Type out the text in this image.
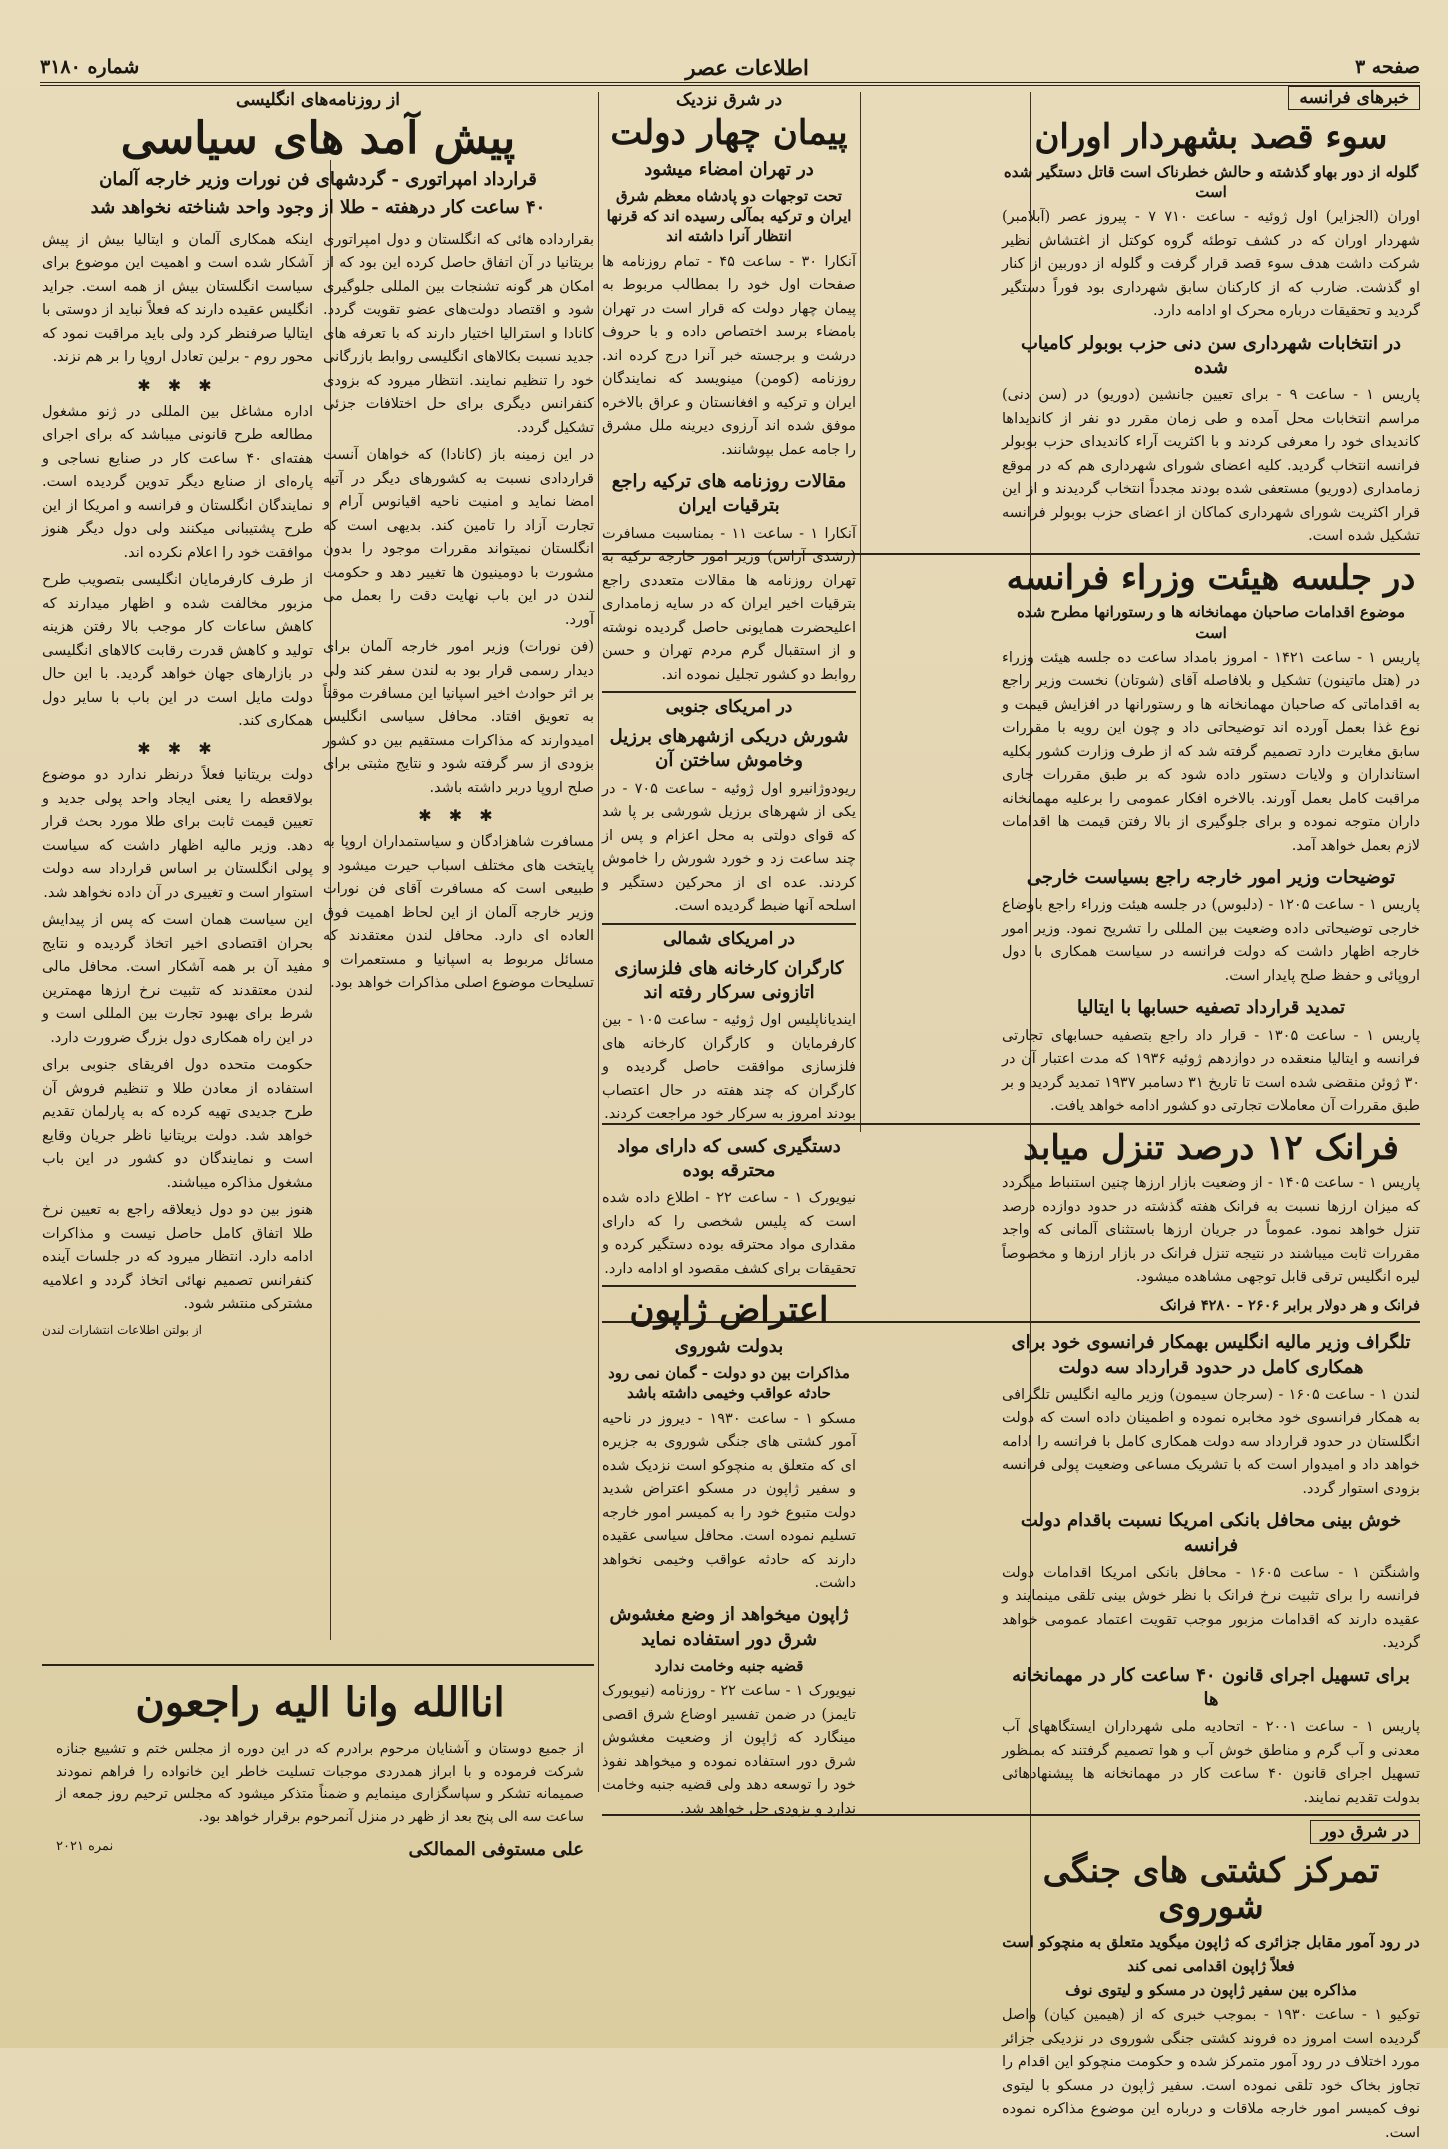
صفحه ۳
اطلاعات عصر
شماره ۳۱۸۰
خبرهای فرانسه
سوء قصد بشهردار اوران
گلوله از دور بهاو گذشته و حالش خطرناک است قاتل دستگیر شده است
اوران (الجزایر) اول ژوئیه - ساعت ۷۱۰ ۷ - پیروز عصر (آبلامبر) شهردار اوران که در کشف توطئه گروه کوکتل از اغتشاش نظیر شرکت داشت هدف سوء قصد قرار گرفت و گلوله از دوربین از کنار او گذشت. ضارب که از کارکنان سابق شهرداری بود فوراً دستگیر گردید و تحقیقات درباره محرک او ادامه دارد.
در انتخابات شهرداری سن دنی حزب بوبولر کامیاب شده
پاریس ۱ - ساعت ۹ - برای تعیین جانشین (دوریو) در (سن دنی) مراسم انتخابات محل آمده و طی زمان مقرر دو نفر از کاندیداها کاندیدای خود را معرفی کردند و با اکثریت آراء کاندیدای حزب بوبولر فرانسه انتخاب گردید. کلیه اعضای شورای شهرداری هم که در موقع زمامداری (دوریو) مستعفی شده بودند مجدداً انتخاب گردیدند و از این قرار اکثریت شورای شهرداری کماکان از اعضای حزب بوبولر فرانسه تشکیل شده است.
در جلسه هیئت وزراء فرانسه
موضوع اقدامات صاحبان مهمانخانه ها و رستورانها مطرح شده است
پاریس ۱ - ساعت ۱۴۲۱ - امروز بامداد ساعت ده جلسه هیئت وزراء در (هتل ماتینون) تشکیل و بلافاصله آقای (شوتان) نخست وزیر راجع به اقداماتی که صاحبان مهمانخانه ها و رستورانها در افزایش قیمت و نوع غذا بعمل آورده اند توضیحاتی داد و چون این رویه با مقررات سابق مغایرت دارد تصمیم گرفته شد که از طرف وزارت کشور بکلیه استانداران و ولایات دستور داده شود که بر طبق مقررات جاری مراقبت کامل بعمل آورند. بالاخره افکار عمومی را برعلیه مهمانخانه داران متوجه نموده و برای جلوگیری از بالا رفتن قیمت ها اقدامات لازم بعمل خواهد آمد.
توضیحات وزیر امور خارجه راجع بسیاست خارجی
پاریس ۱ - ساعت ۱۲۰۵ - (دلبوس) در جلسه هیئت وزراء راجع باوضاع خارجی توضیحاتی داده وضعیت بین المللی را تشریح نمود. وزیر امور خارجه اظهار داشت که دولت فرانسه در سیاست همکاری با دول اروپائی و حفظ صلح پایدار است.
تمدید قرارداد تصفیه حسابها با ایتالیا
پاریس ۱ - ساعت ۱۳۰۵ - قرار داد راجع بتصفیه حسابهای تجارتی فرانسه و ایتالیا منعقده در دوازدهم ژوئیه ۱۹۳۶ که مدت اعتبار آن در ۳۰ ژوئن منقضی شده است تا تاریخ ۳۱ دسامبر ۱۹۳۷ تمدید گردید و بر طبق مقررات آن معاملات تجارتی دو کشور ادامه خواهد یافت.
فرانک ۱۲ درصد تنزل میابد
پاریس ۱ - ساعت ۱۴۰۵ - از وضعیت بازار ارزها چنین استنباط میگردد که میزان ارزها نسبت به فرانک هفته گذشته در حدود دوازده درصد تنزل خواهد نمود. عموماً در جریان ارزها باستثنای آلمانی که واجد مقررات ثابت میباشند در نتیجه تنزل فرانک در بازار ارزها و مخصوصاً لیره انگلیس ترقی قابل توجهی مشاهده میشود.
فرانک و هر دولار برابر ۲۶۰۶ - ۴۲۸۰ فرانک
تلگراف وزیر مالیه انگلیس بهمکار فرانسوی خود برای همکاری کامل در حدود قرارداد سه دولت
لندن ۱ - ساعت ۱۶۰۵ - (سرجان سیمون) وزیر مالیه انگلیس تلگرافی به همکار فرانسوی خود مخابره نموده و اطمینان داده است که دولت انگلستان در حدود قرارداد سه دولت همکاری کامل با فرانسه را ادامه خواهد داد و امیدوار است که با تشریک مساعی وضعیت پولی فرانسه بزودی استوار گردد.
خوش بینی محافل بانکی امریکا نسبت باقدام دولت فرانسه
واشنگتن ۱ - ساعت ۱۶۰۵ - محافل بانکی امریکا اقدامات دولت فرانسه را برای تثبیت نرخ فرانک با نظر خوش بینی تلقی مینمایند و عقیده دارند که اقدامات مزبور موجب تقویت اعتماد عمومی خواهد گردید.
برای تسهیل اجرای قانون ۴۰ ساعت کار در مهمانخانه ها
پاریس ۱ - ساعت ۲۰۰۱ - اتحادیه ملی شهرداران ایستگاههای آب معدنی و آب گرم و مناطق خوش آب و هوا تصمیم گرفتند که بمنظور تسهیل اجرای قانون ۴۰ ساعت کار در مهمانخانه ها پیشنهادهائی بدولت تقدیم نمایند.
در شرق دور
تمرکز کشتی های جنگی شوروی
در رود آمور مقابل جزائری که ژاپون میگوید متعلق به منچوکو است
فعلاً ژاپون اقدامی نمی کند
مذاکره بین سفیر ژاپون در مسکو و لیتوی نوف
توکیو ۱ - ساعت ۱۹۳۰ - بموجب خبری که از (هیمین کیان) واصل گردیده است امروز ده فروند کشتی جنگی شوروی در نزدیکی جزائر مورد اختلاف در رود آمور متمرکز شده و حکومت منچوکو این اقدام را تجاوز بخاک خود تلقی نموده است. سفیر ژاپون در مسکو با لیتوی نوف کمیسر امور خارجه ملاقات و درباره این موضوع مذاکره نموده است.
در شرق نزدیک
پیمان چهار دولت
در تهران امضاء میشود
تحت توجهات دو پادشاه معظم شرق ایران و ترکیه بمآلی رسیده اند که قرنها انتظار آنرا داشته اند
آنکارا ۳۰ - ساعت ۴۵ - تمام روزنامه ها صفحات اول خود را بمطالب مربوط به پیمان چهار دولت که قرار است در تهران بامضاء برسد اختصاص داده و با حروف درشت و برجسته خبر آنرا درج کرده اند. روزنامه (کومن) مینویسد که نمایندگان ایران و ترکیه و افغانستان و عراق بالاخره موفق شده اند آرزوی دیرینه ملل مشرق را جامه عمل بپوشانند.
مقالات روزنامه های ترکیه راجع بترقیات ایران
آنکارا ۱ - ساعت ۱۱ - بمناسبت مسافرت (رشدی آراس) وزیر امور خارجه ترکیه به تهران روزنامه ها مقالات متعددی راجع بترقیات اخیر ایران که در سایه زمامداری اعلیحضرت همایونی حاصل گردیده نوشته و از استقبال گرم مردم تهران و حسن روابط دو کشور تجلیل نموده اند.
در امریکای جنوبی
شورش دریکی ازشهرهای برزیل وخاموش ساختن آن
ریودوژانیرو اول ژوئیه - ساعت ۷۰۵ - در یکی از شهرهای برزیل شورشی بر پا شد که قوای دولتی به محل اعزام و پس از چند ساعت زد و خورد شورش را خاموش کردند. عده ای از محرکین دستگیر و اسلحه آنها ضبط گردیده است.
در امریکای شمالی
کارگران کارخانه های فلزسازی اتازونی سرکار رفته اند
ایندیاناپلیس اول ژوئیه - ساعت ۱۰۵ - بین کارفرمایان و کارگران کارخانه های فلزسازی موافقت حاصل گردیده و کارگران که چند هفته در حال اعتصاب بودند امروز به سرکار خود مراجعت کردند.
دستگیری کسی که دارای مواد محترقه بوده
نیویورک ۱ - ساعت ۲۲ - اطلاع داده شده است که پلیس شخصی را که دارای مقداری مواد محترقه بوده دستگیر کرده و تحقیقات برای کشف مقصود او ادامه دارد.
اعتراض ژاپون
بدولت شوروی
مذاکرات بین دو دولت - گمان نمی رود حادثه عواقب وخیمی داشته باشد
مسکو ۱ - ساعت ۱۹۳۰ - دیروز در ناحیه آمور کشتی های جنگی شوروی به جزیره ای که متعلق به منچوکو است نزدیک شده و سفیر ژاپون در مسکو اعتراض شدید دولت متبوع خود را به کمیسر امور خارجه تسلیم نموده است. محافل سیاسی عقیده دارند که حادثه عواقب وخیمی نخواهد داشت.
ژاپون میخواهد از وضع مغشوش شرق دور استفاده نماید
قضیه جنبه وخامت ندارد
نیویورک ۱ - ساعت ۲۲ - روزنامه (نیویورک تایمز) در ضمن تفسیر اوضاع شرق اقصی مینگارد که ژاپون از وضعیت مغشوش شرق دور استفاده نموده و میخواهد نفوذ خود را توسعه دهد ولی قضیه جنبه وخامت ندارد و بزودی حل خواهد شد.
از روزنامه‌های انگلیسی
پیش آمد های سیاسی
قرارداد امپراتوری - گردشهای فن نورات وزیر خارجه آلمان
۴۰ ساعت کار درهفته - طلا از وجود واحد شناخته نخواهد شد
بقرارداده هائی که انگلستان و دول امپراتوری بریتانیا در آن اتفاق حاصل کرده این بود که از امکان هر گونه تشنجات بین المللی جلوگیری شود و اقتصاد دولت‌های عضو تقویت گردد. کانادا و استرالیا اختیار دارند که با تعرفه های جدید نسبت بکالاهای انگلیسی روابط بازرگانی خود را تنظیم نمایند. انتظار میرود که بزودی کنفرانس دیگری برای حل اختلافات جزئی تشکیل گردد.
در این زمینه باز (کانادا) که خواهان آنست قراردادی نسبت به کشورهای دیگر در آتیه امضا نماید و امنیت ناحیه اقیانوس آرام و تجارت آزاد را تامین کند. بدیهی است که انگلستان نمیتواند مقررات موجود را بدون مشورت با دومینیون ها تغییر دهد و حکومت لندن در این باب نهایت دقت را بعمل می آورد.
(فن نورات) وزیر امور خارجه آلمان برای دیدار رسمی قرار بود به لندن سفر کند ولی بر اثر حوادث اخیر اسپانیا این مسافرت موقتاً به تعویق افتاد. محافل سیاسی انگلیس امیدوارند که مذاکرات مستقیم بین دو کشور بزودی از سر گرفته شود و نتایج مثبتی برای صلح اروپا دربر داشته باشد.
✱ ✱ ✱
مسافرت شاهزادگان و سیاستمداران اروپا به پایتخت های مختلف اسباب حیرت میشود و طبیعی است که مسافرت آقای فن نورات وزیر خارجه آلمان از این لحاظ اهمیت فوق العاده ای دارد. محافل لندن معتقدند که مسائل مربوط به اسپانیا و مستعمرات و تسلیحات موضوع اصلی مذاکرات خواهد بود.
اینکه همکاری آلمان و ایتالیا بیش از پیش آشکار شده است و اهمیت این موضوع برای سیاست انگلستان بیش از همه است. جراید انگلیس عقیده دارند که فعلاً نباید از دوستی با ایتالیا صرفنظر کرد ولی باید مراقبت نمود که محور روم - برلین تعادل اروپا را بر هم نزند.
✱ ✱ ✱
اداره مشاغل بین المللی در ژنو مشغول مطالعه طرح قانونی میباشد که برای اجرای هفته‌ای ۴۰ ساعت کار در صنایع نساجی و پاره‌ای از صنایع دیگر تدوین گردیده است. نمایندگان انگلستان و فرانسه و امریکا از این طرح پشتیبانی میکنند ولی دول دیگر هنوز موافقت خود را اعلام نکرده اند.
از طرف کارفرمایان انگلیسی بتصویب طرح مزبور مخالفت شده و اظهار میدارند که کاهش ساعات کار موجب بالا رفتن هزینه تولید و کاهش قدرت رقابت کالاهای انگلیسی در بازارهای جهان خواهد گردید. با این حال دولت مایل است در این باب با سایر دول همکاری کند.
✱ ✱ ✱
دولت بریتانیا فعلاً درنظر ندارد دو موضوع بولاقعطه را یعنی ایجاد واحد پولی جدید و تعیین قیمت ثابت برای طلا مورد بحث قرار دهد. وزیر مالیه اظهار داشت که سیاست پولی انگلستان بر اساس قرارداد سه دولت استوار است و تغییری در آن داده نخواهد شد.
این سیاست همان است که پس از پیدایش بحران اقتصادی اخیر اتخاذ گردیده و نتایج مفید آن بر همه آشکار است. محافل مالی لندن معتقدند که تثبیت نرخ ارزها مهمترین شرط برای بهبود تجارت بین المللی است و در این راه همکاری دول بزرگ ضرورت دارد.
حکومت متحده دول افریقای جنوبی برای استفاده از معادن طلا و تنظیم فروش آن طرح جدیدی تهیه کرده که به پارلمان تقدیم خواهد شد. دولت بریتانیا ناظر جریان وقایع است و نمایندگان دو کشور در این باب مشغول مذاکره میباشند.
هنوز بین دو دول ذیعلاقه راجع به تعیین نرخ طلا اتفاق کامل حاصل نیست و مذاکرات ادامه دارد. انتظار میرود که در جلسات آینده کنفرانس تصمیم نهائی اتخاذ گردد و اعلامیه مشترکی منتشر شود.
از بولتن اطلاعات انتشارات لندن
اناالله وانا الیه راجعون
از جمیع دوستان و آشنایان مرحوم برادرم که در این دوره از مجلس ختم و تشییع جنازه شرکت فرموده و با ابراز همدردی موجبات تسلیت خاطر این خانواده را فراهم نمودند صمیمانه تشکر و سپاسگزاری مینمایم و ضمناً متذکر میشود که مجلس ترحیم روز جمعه از ساعت سه الی پنج بعد از ظهر در منزل آنمرحوم برقرار خواهد بود.
علی مستوفی الممالکی
نمره ۲۰۲۱
